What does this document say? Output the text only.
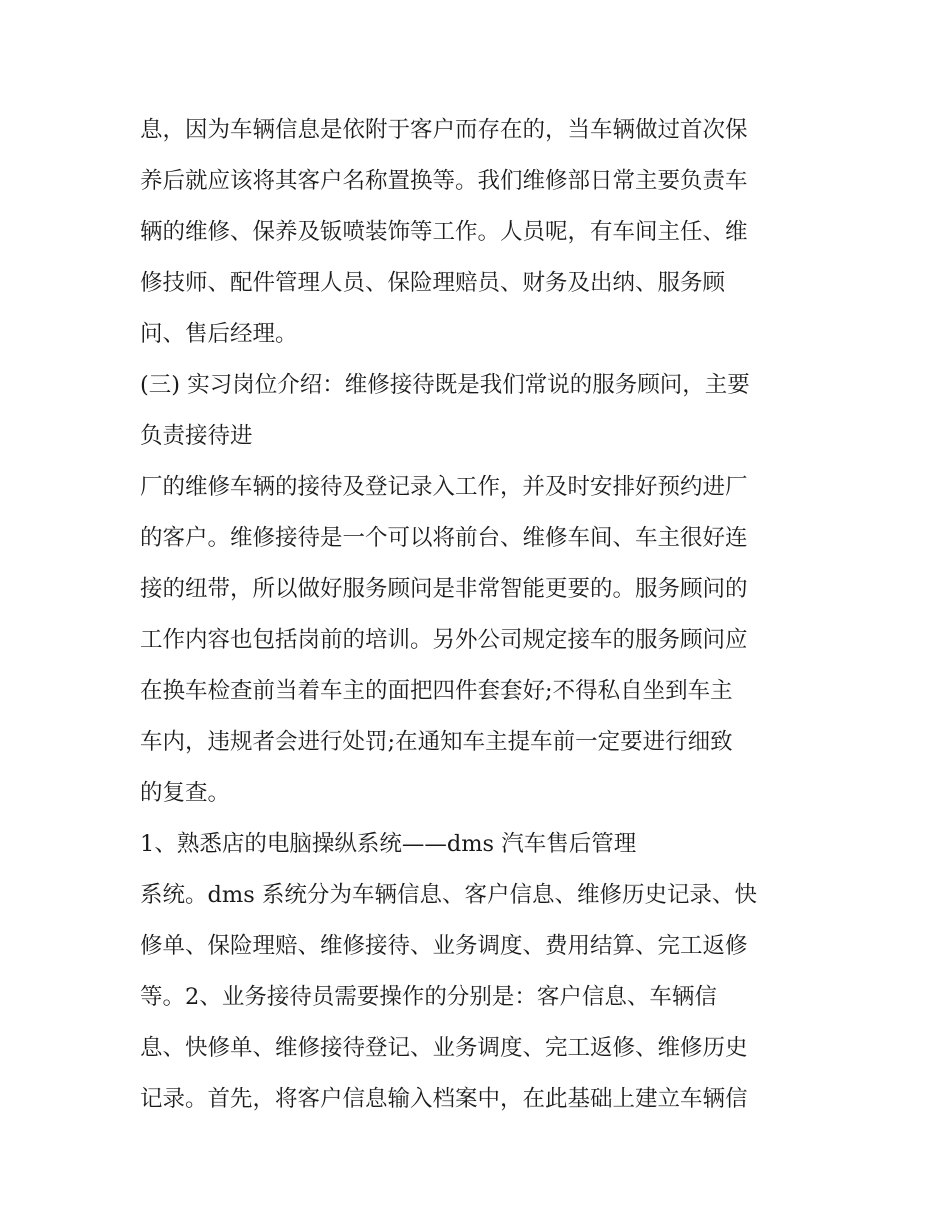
息，因为车辆信息是依附于客户而存在的，当车辆做过首次保
养后就应该将其客户名称置换等。我们维修部日常主要负责车
辆的维修、保养及钣喷装饰等工作。人员呢，有车间主任、维
修技师、配件管理人员、保险理赔员、财务及出纳、服务顾
问、售后经理。
(三) 实习岗位介绍：维修接待既是我们常说的服务顾问，主要
负责接待进
厂的维修车辆的接待及登记录入工作，并及时安排好预约进厂
的客户。维修接待是一个可以将前台、维修车间、车主很好连
接的纽带，所以做好服务顾问是非常智能更要的。服务顾问的
工作内容也包括岗前的培训。另外公司规定接车的服务顾问应
在换车检查前当着车主的面把四件套套好;不得私自坐到车主
车内，违规者会进行处罚;在通知车主提车前一定要进行细致
的复查。
1、熟悉店的电脑操纵系统——dms 汽车售后管理
系统。dms 系统分为车辆信息、客户信息、维修历史记录、快
修单、保险理赔、维修接待、业务调度、费用结算、完工返修
等。2、业务接待员需要操作的分别是：客户信息、车辆信
息、快修单、维修接待登记、业务调度、完工返修、维修历史
记录。首先，将客户信息输入档案中，在此基础上建立车辆信
